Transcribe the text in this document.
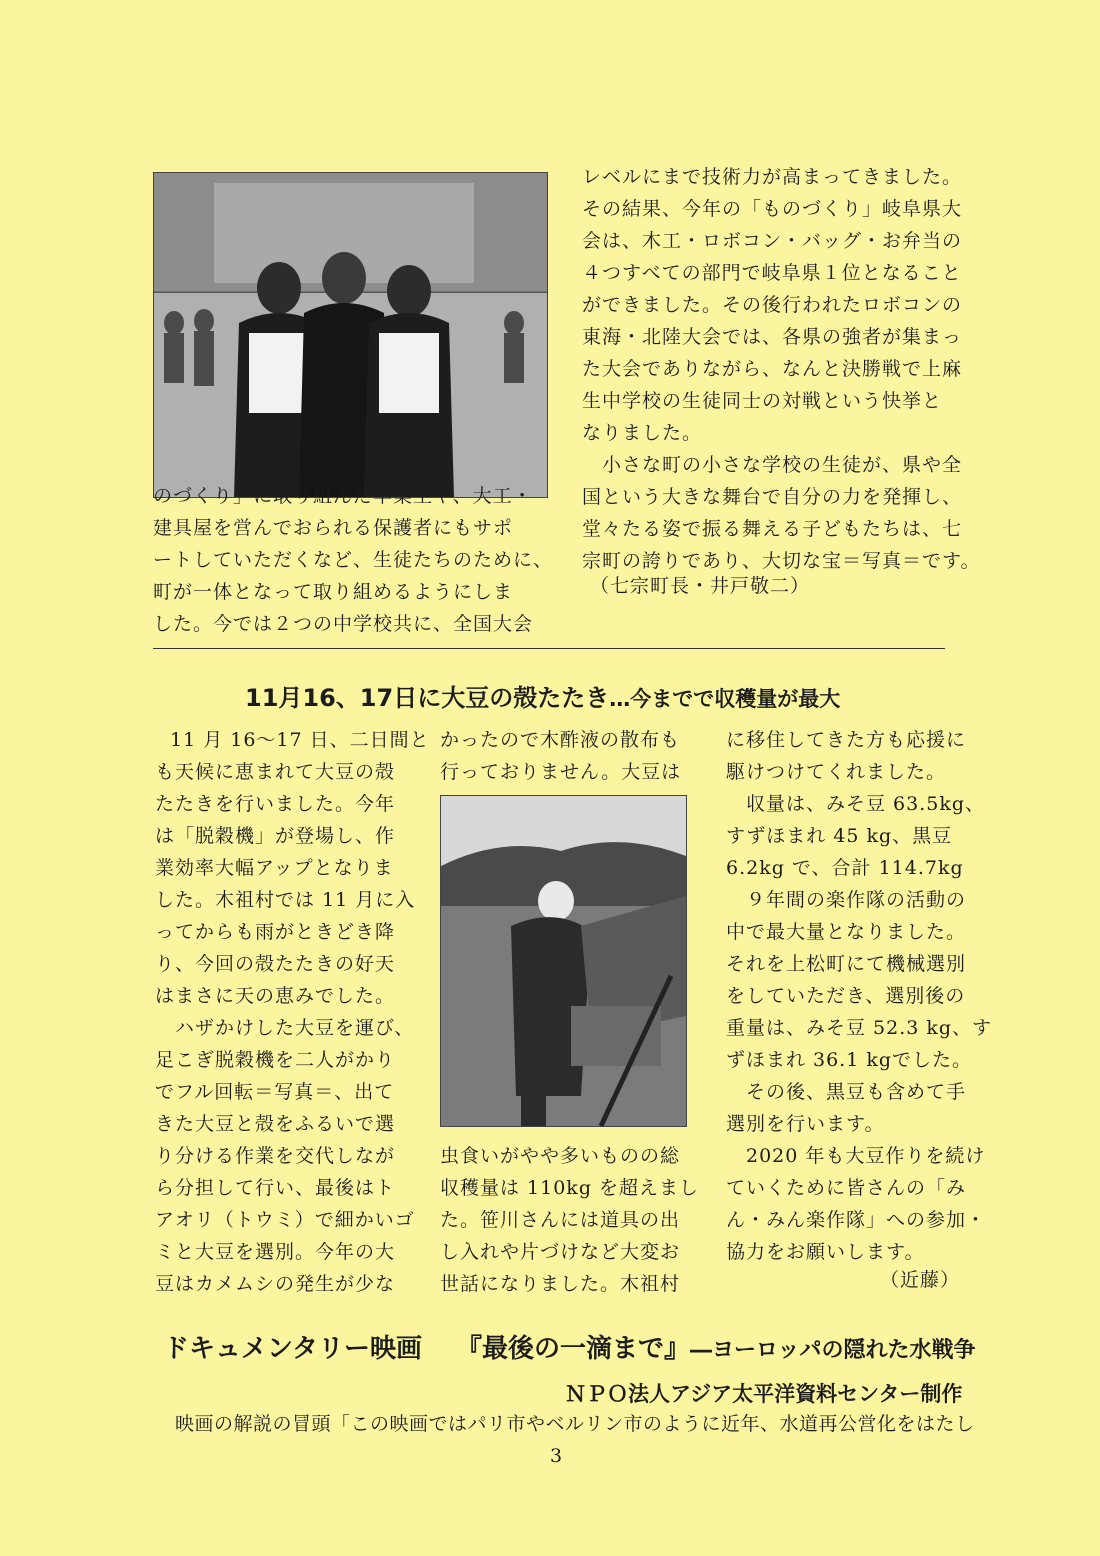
のづくり」に取り組んだ卒業生や、大工・
建具屋を営んでおられる保護者にもサポ
ートしていただくなど、生徒たちのために、
町が一体となって取り組めるようにしま
した。今では２つの中学校共に、全国大会
レベルにまで技術力が高まってきました。
その結果、今年の「ものづくり」岐阜県大
会は、木工・ロボコン・バッグ・お弁当の
４つすべての部門で岐阜県１位となること
ができました。その後行われたロボコンの
東海・北陸大会では、各県の強者が集まっ
た大会でありながら、なんと決勝戦で上麻
生中学校の生徒同士の対戦という快挙と
なりました。
　小さな町の小さな学校の生徒が、県や全
国という大きな舞台で自分の力を発揮し、
堂々たる姿で振る舞える子どもたちは、七
宗町の誇りであり、大切な宝＝写真＝です。
（七宗町長・井戸敬二）
11月16、17日に大豆の殻たたき…今までで収穫量が最大
11 月 16～17 日、二日間と
も天候に恵まれて大豆の殻
たたきを行いました。今年
は「脱穀機」が登場し、作
業効率大幅アップとなりま
した。木祖村では 11 月に入
ってからも雨がときどき降
り、今回の殻たたきの好天
はまさに天の恵みでした。
　ハザかけした大豆を運び、
足こぎ脱穀機を二人がかり
でフル回転＝写真＝、出て
きた大豆と殻をふるいで選
り分ける作業を交代しなが
ら分担して行い、最後はト
アオリ（トウミ）で細かいゴ
ミと大豆を選別。今年の大
豆はカメムシの発生が少な
かったので木酢液の散布も
行っておりません。大豆は
虫食いがやや多いものの総
収穫量は 110kg を超えまし
た。笹川さんには道具の出
し入れや片づけなど大変お
世話になりました。木祖村
に移住してきた方も応援に
駆けつけてくれました。
　収量は、みそ豆 63.5kg、
すずほまれ 45 kg、黒豆
6.2kg で、合計 114.7kg
　９年間の楽作隊の活動の
中で最大量となりました。
それを上松町にて機械選別
をしていただき、選別後の
重量は、みそ豆 52.3 kg、す
ずほまれ 36.1 kgでした。
　その後、黒豆も含めて手
選別を行います。
　2020 年も大豆作りを続け
ていくために皆さんの「み
ん・みん楽作隊」への参加・
協力をお願いします。
（近藤）
ドキュメンタリー映画 『最後の一滴まで』―ヨーロッパの隠れた水戦争
ＮＰＯ法人アジア太平洋資料センター制作
映画の解説の冒頭「この映画ではパリ市やベルリン市のように近年、水道再公営化をはたし
3
